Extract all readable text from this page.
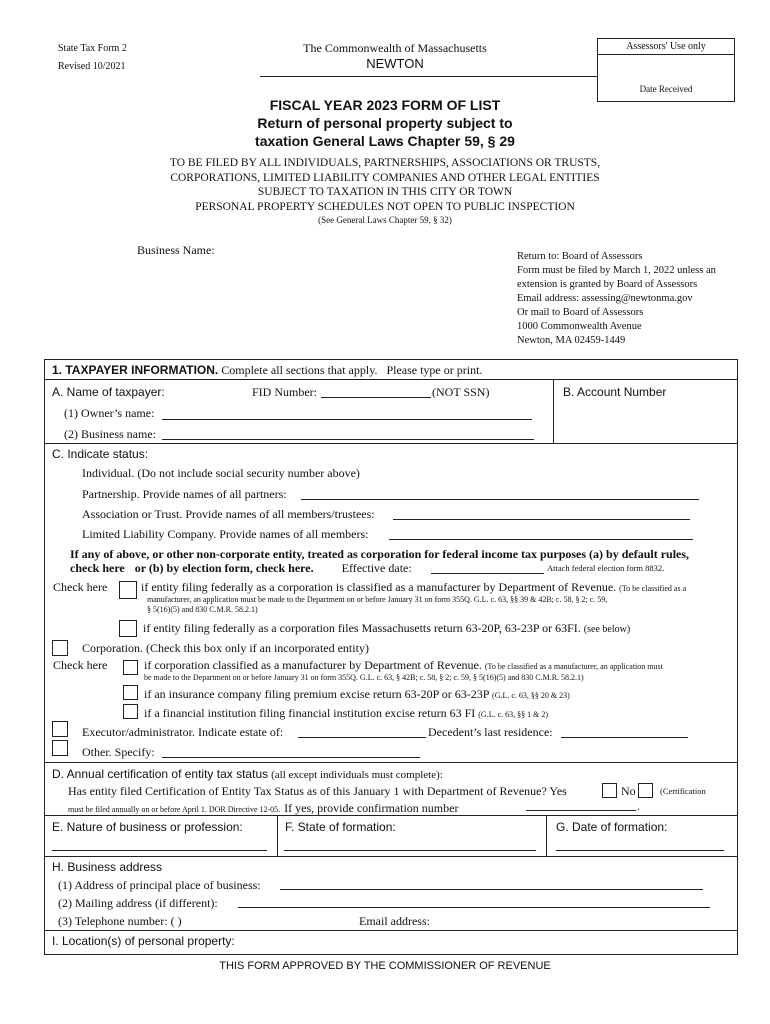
State Tax Form 2
Revised 10/2021
The Commonwealth of Massachusetts
NEWTON
Assessors' Use only
Date Received
FISCAL YEAR 2023 FORM OF LIST
Return of personal property subject to
taxation General Laws Chapter 59, § 29
TO BE FILED BY ALL INDIVIDUALS, PARTNERSHIPS, ASSOCIATIONS OR TRUSTS,
CORPORATIONS, LIMITED LIABILITY COMPANIES AND OTHER LEGAL ENTITIES
SUBJECT TO TAXATION IN THIS CITY OR TOWN
PERSONAL PROPERTY SCHEDULES NOT OPEN TO PUBLIC INSPECTION
(See General Laws Chapter 59, § 32)
Business Name:	Return to: Board of Assessors
Form must be filed by March 1, 2022 unless an
extension is granted by Board of Assessors
Email address: assessing@newtonma.gov
Or mail to Board of Assessors
1000 Commonwealth Avenue
Newton, MA 02459-1449
1. TAXPAYER INFORMATION. Complete all sections that apply.   Please type or print.
A. Name of taxpayer:	FID Number:	(NOT SSN)	B. Account Number
(1) Owner’s name:
(2) Business name:
C. Indicate status:
Individual. (Do not include social security number above)
Partnership. Provide names of all partners:
Association or Trust. Provide names of all members/trustees:
Limited Liability Company. Provide names of all members:
If any of above, or other non-corporate entity, treated as corporation for federal income tax purposes (a) by default rules,
check here or (b) by election form, check here. Effective date:	Attach federal election form 8832.
Check here	if entity filing federally as a corporation is classified as a manufacturer by Department of Revenue. (To be classified as a
manufacturer, an application must be made to the Department on or before January 31 on form 355Q. G.L. c. 63, §§ 39 & 42B; c. 58, § 2; c. 59,
§ 5(16)(5) and 830 C.M.R. 58.2.1)
if entity filing federally as a corporation files Massachusetts return 63-20P, 63-23P or 63FI. (see below)
Corporation. (Check this box only if an incorporated entity)
Check here	if corporation classified as a manufacturer by Department of Revenue. (To be classified as a manufacturer, an application must
be made to the Department on or before January 31 on form 355Q. G.L. c. 63, § 42B; c. 58, § 2; c. 59, § 5(16)(5) and 830 C.M.R. 58.2.1)
if an insurance company filing premium excise return 63-20P or 63-23P (G.L. c. 63, §§ 20 & 23)
if a financial institution filing financial institution excise return 63 FI (G.L. c. 63, §§ 1 & 2)
Executor/administrator. Indicate estate of:	Decedent’s last residence:
Other. Specify:
D. Annual certification of entity tax status (all except individuals must complete):
Has entity filed Certification of Entity Tax Status as of this January 1 with Department of Revenue? Yes	No	(Certification
must be filed annually on or before April 1. DOR Directive 12-05. If yes, provide confirmation number	.
E. Nature of business or profession:	F. State of formation:	G. Date of formation:
H. Business address
(1) Address of principal place of business:
(2) Mailing address (if different):
(3) Telephone number: ( )	Email address:
I. Location(s) of personal property:
THIS FORM APPROVED BY THE COMMISSIONER OF REVENUE
